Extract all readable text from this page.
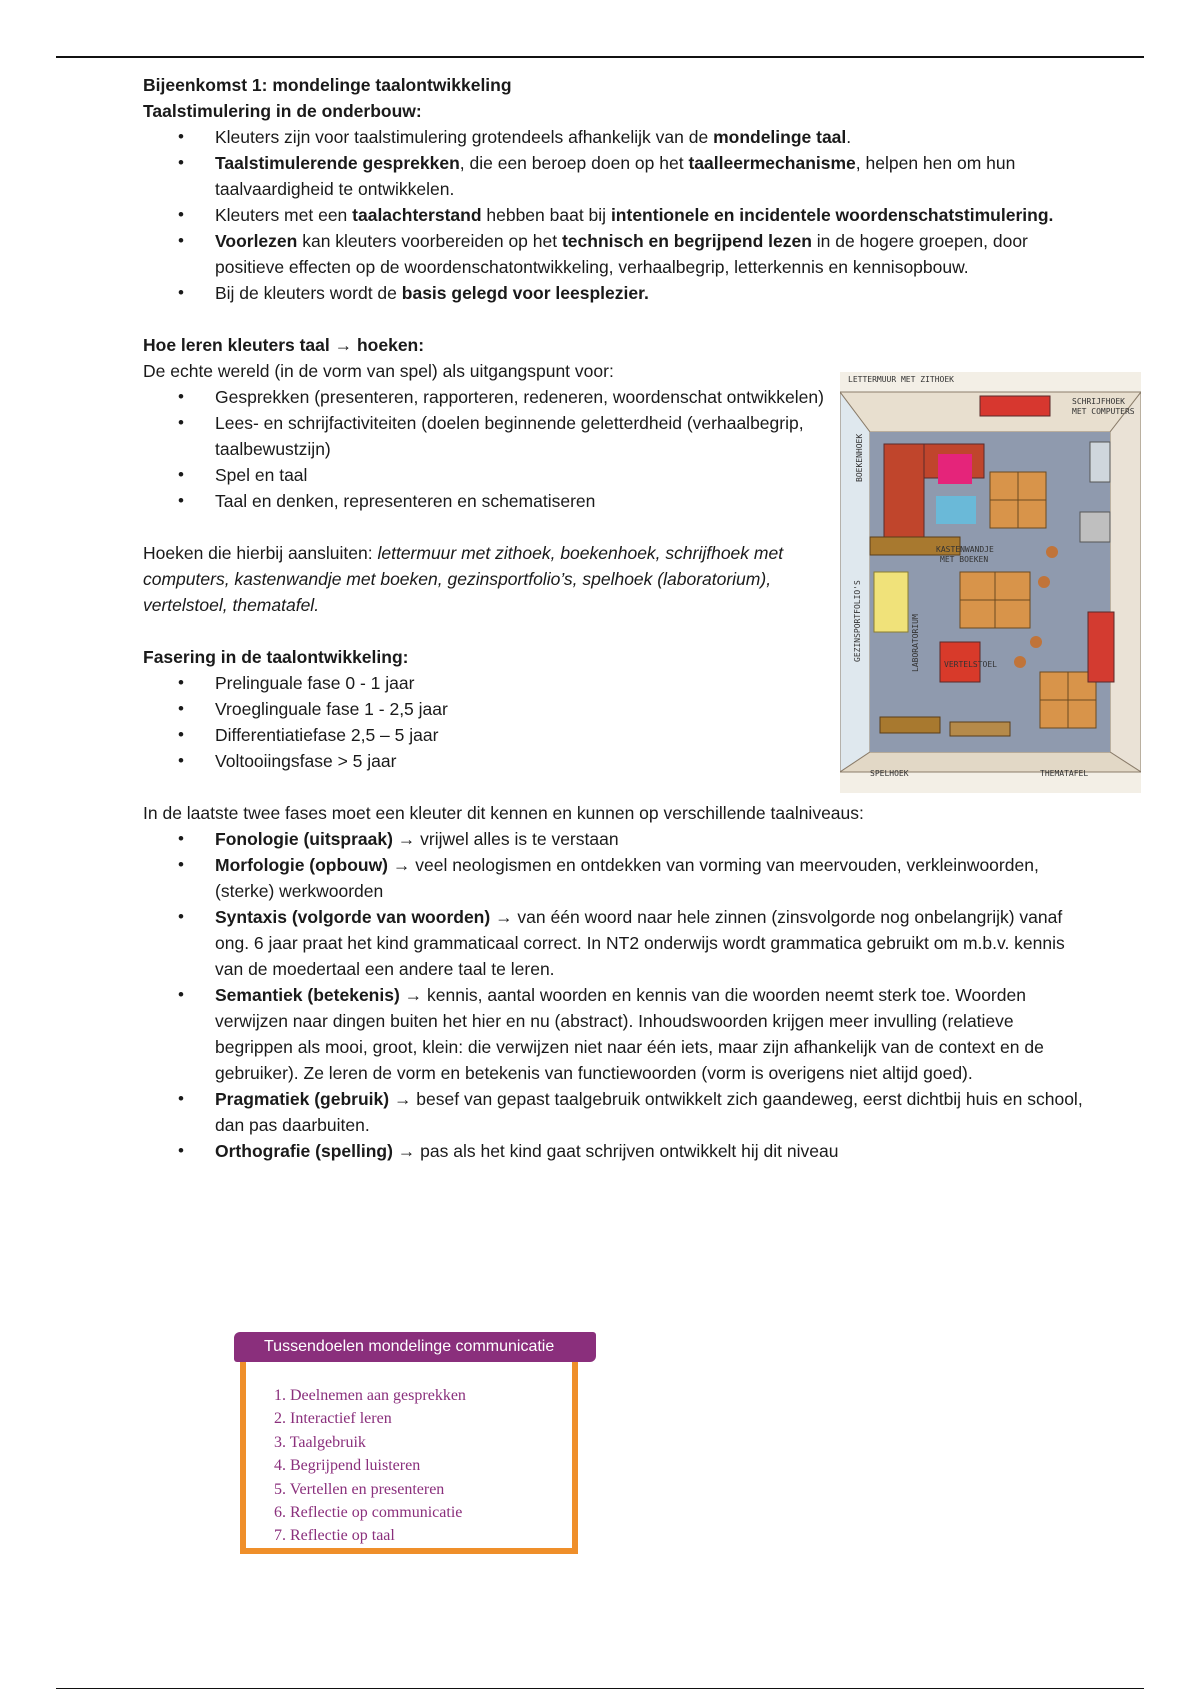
Bijeenkomst 1: mondelinge taalontwikkeling

Taalstimulering in de onderbouw:

• Kleuters zijn voor taalstimulering grotendeels afhankelijk van de mondelinge taal.
• Taalstimulerende gesprekken, die een beroep doen op het taalleermechanisme, helpen hen om hun taalvaardigheid te ontwikkelen.
• Kleuters met een taalachterstand hebben baat bij intentionele en incidentele woordenschatstimulering.
• Voorlezen kan kleuters voorbereiden op het technisch en begrijpend lezen in de hogere groepen, door positieve effecten op de woordenschatontwikkeling, verhaalbegrip, letterkennis en kennisopbouw.
• Bij de kleuters wordt de basis gelegd voor leesplezier.

Hoe leren kleuters taal → hoeken:

De echte wereld (in de vorm van spel) als uitgangspunt voor:

• Gesprekken (presenteren, rapporteren, redeneren, woordenschat ontwikkelen)
• Lees- en schrijfactiviteiten (doelen beginnende geletterdheid (verhaalbegrip, taalbewustzijn)
• Spel en taal
• Taal en denken, representeren en schematiseren

Hoeken die hierbij aansluiten: lettermuur met zithoek, boekenhoek, schrijfhoek met computers, kastenwandje met boeken, gezinsportfolio’s, spelhoek (laboratorium), vertelstoel, thematafel.

Fasering in de taalontwikkeling:

• Prelinguale fase 0 - 1 jaar
• Vroeglinguale fase 1 - 2,5 jaar
• Differentiatiefase 2,5 – 5 jaar
• Voltooiingsfase > 5 jaar

In de laatste twee fases moet een kleuter dit kennen en kunnen op verschillende taalniveaus:

• Fonologie (uitspraak) → vrijwel alles is te verstaan
• Morfologie (opbouw) → veel neologismen en ontdekken van vorming van meervouden, verkleinwoorden, (sterke) werkwoorden
• Syntaxis (volgorde van woorden) → van één woord naar hele zinnen (zinsvolgorde nog onbelangrijk) vanaf ong. 6 jaar praat het kind grammaticaal correct. In NT2 onderwijs wordt grammatica gebruikt om m.b.v. kennis van de moedertaal een andere taal te leren.
• Semantiek (betekenis) → kennis, aantal woorden en kennis van die woorden neemt sterk toe. Woorden verwijzen naar dingen buiten het hier en nu (abstract). Inhoudswoorden krijgen meer invulling (relatieve begrippen als mooi, groot, klein: die verwijzen niet naar één iets, maar zijn afhankelijk van de context en de gebruiker). Ze leren de vorm en betekenis van functiewoorden (vorm is overigens niet altijd goed).
• Pragmatiek (gebruik) → besef van gepast taalgebruik ontwikkelt zich gaandeweg, eerst dichtbij huis en school, dan pas daarbuiten.
• Orthografie (spelling) → pas als het kind gaat schrijven ontwikkelt hij dit niveau
LETTERMUUR MET ZITHOEK
SCHRIJFHOEK
MET COMPUTERS
BOEKENHOEK
KASTENWANDJE
MET BOEKEN
GEZINSPORTFOLIO'S
VERTELSTOEL
LABORATORIUM
SPELHOEK	THEMATAFEL
Tussendoelen mondelinge communicatie
1. Deelnemen aan gesprekken
2. Interactief leren
3. Taalgebruik
4. Begrijpend luisteren
5. Vertellen en presenteren
6. Reflectie op communicatie
7. Reflectie op taal
